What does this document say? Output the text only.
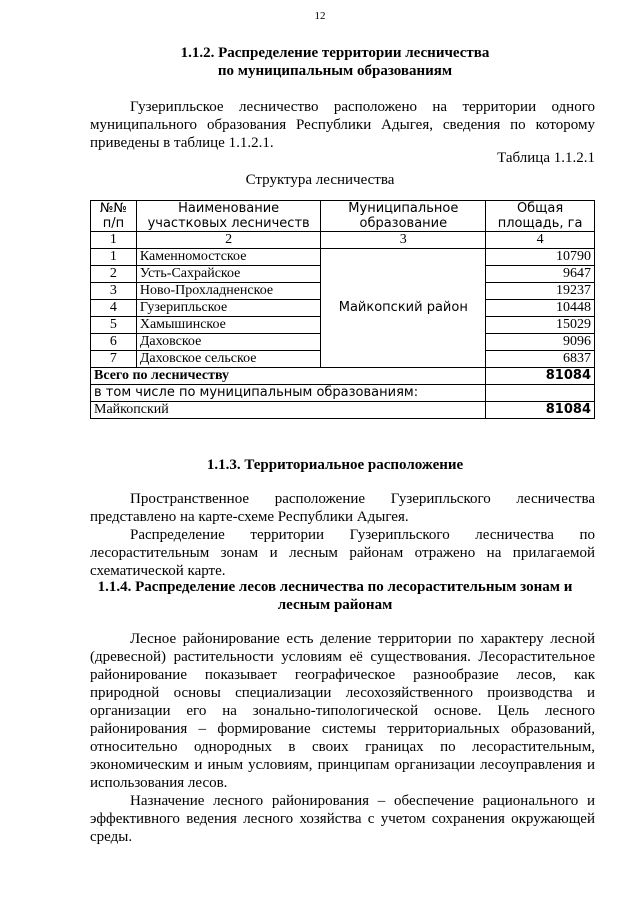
12
1.1.2. Распределение территории лесничества
по муниципальным образованиям
Гузерипльское лесничество расположено на территории одного муниципального образования Республики Адыгея, сведения по которому приведены в таблице 1.1.2.1.
Таблица 1.1.2.1
Структура лесничества
№№ п/п	Наименование участковых лесничеств	Муниципальное образование	Общая площадь, га
1	2	3	4
1	Каменномостское	Майкопский район	10790
2	Усть-Сахрайское		9647
3	Ново-Прохладненское		19237
4	Гузерипльское		10448
5	Хамышинское		15029
6	Даховское		9096
7	Даховское сельское		6837
Всего по лесничеству			81084
в том числе по муниципальным образованиям:			
Майкопский			81084
1.1.3. Территориальное расположение
Пространственное расположение Гузерипльского лесничества представлено на карте-схеме Республики Адыгея.
Распределение территории Гузерипльского лесничества по лесорастительным зонам и лесным районам отражено на прилагаемой схематической карте.
1.1.4. Распределение лесов лесничества по лесорастительным зонам и
лесным районам
Лесное районирование есть деление территории по характеру лесной (древесной) растительности условиям её существования. Лесорастительное районирование показывает географическое разнообразие лесов, как природной основы специализации лесохозяйственного производства и организации его на зонально-типологической основе. Цель лесного районирования – формирование системы территориальных образований, относительно однородных в своих границах по лесорастительным, экономическим и иным условиям, принципам организации лесоуправления и использования лесов.
Назначение лесного районирования – обеспечение рационального и эффективного ведения лесного хозяйства с учетом сохранения окружающей среды.
